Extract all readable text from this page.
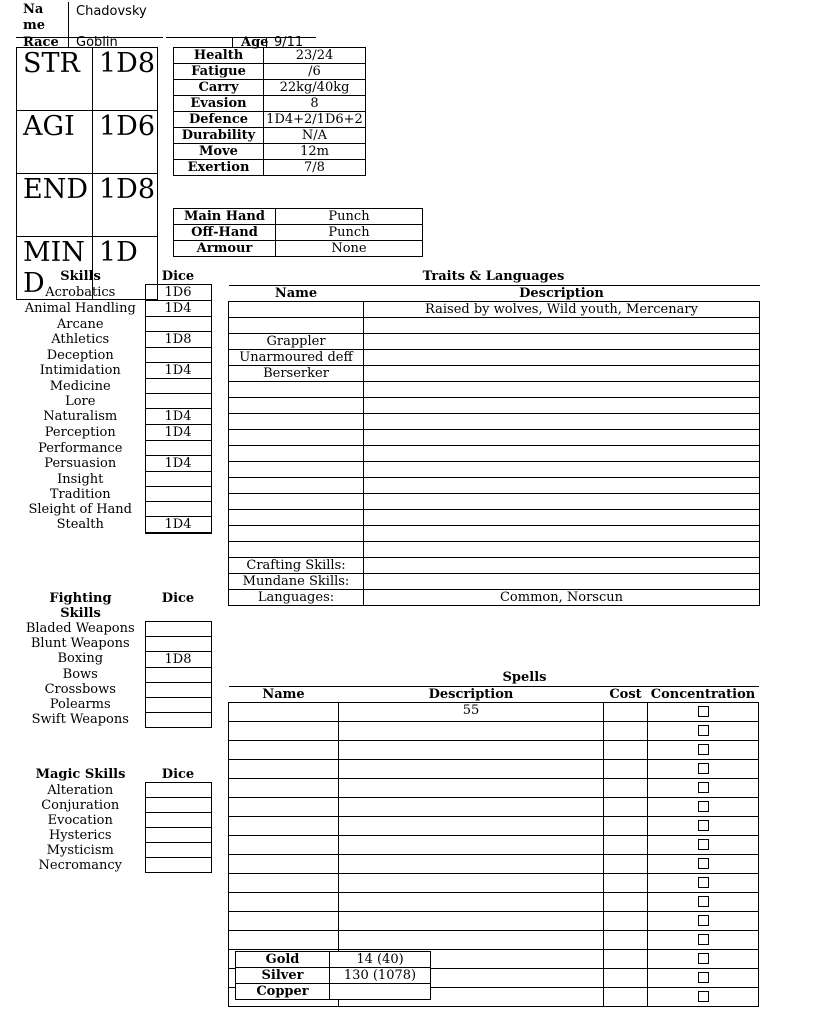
Name
Chadovsky
Race Goblin	Age 9/11
STR	1D8
AGI	1D6
END	1D8
MIND	1D
Health	23/24
Fatigue	/6
Carry	22kg/40kg
Evasion	8
Defence	1D4+2/1D6+2
Durability	N/A
Move	12m
Exertion	7/8
Main Hand	Punch
Off-Hand	Punch
Armour	None
Skills	Dice
Acrobatics	1D6
Animal Handling	1D4
Arcane	
Athletics	1D8
Deception	
Intimidation	1D4
Medicine	
Lore	
Naturalism	1D4
Perception	1D4
Performance	
Persuasion	1D4
Insight	
Tradition	
Sleight of Hand	
Stealth	1D4

Fighting Skills	Dice
Bladed Weapons	
Blunt Weapons	
Boxing	1D8
Bows	
Crossbows	
Polearms	
Swift Weapons	
Magic Skills	Dice
Alteration	
Conjuration	
Evocation	
Hysterics	
Mysticism	
Necromancy	
Traits & Languages
Name	Description
	Raised by wolves, Wild youth, Mercenary

Grappler	
Unarmoured deff	
Berserker	

Crafting Skills:	
Mundane Skills:	
Languages:	Common, Norscun
Spells
Name	Description	Cost	Concentration
	55		

Gold	14 (40)
Silver	130 (1078)
Copper	
